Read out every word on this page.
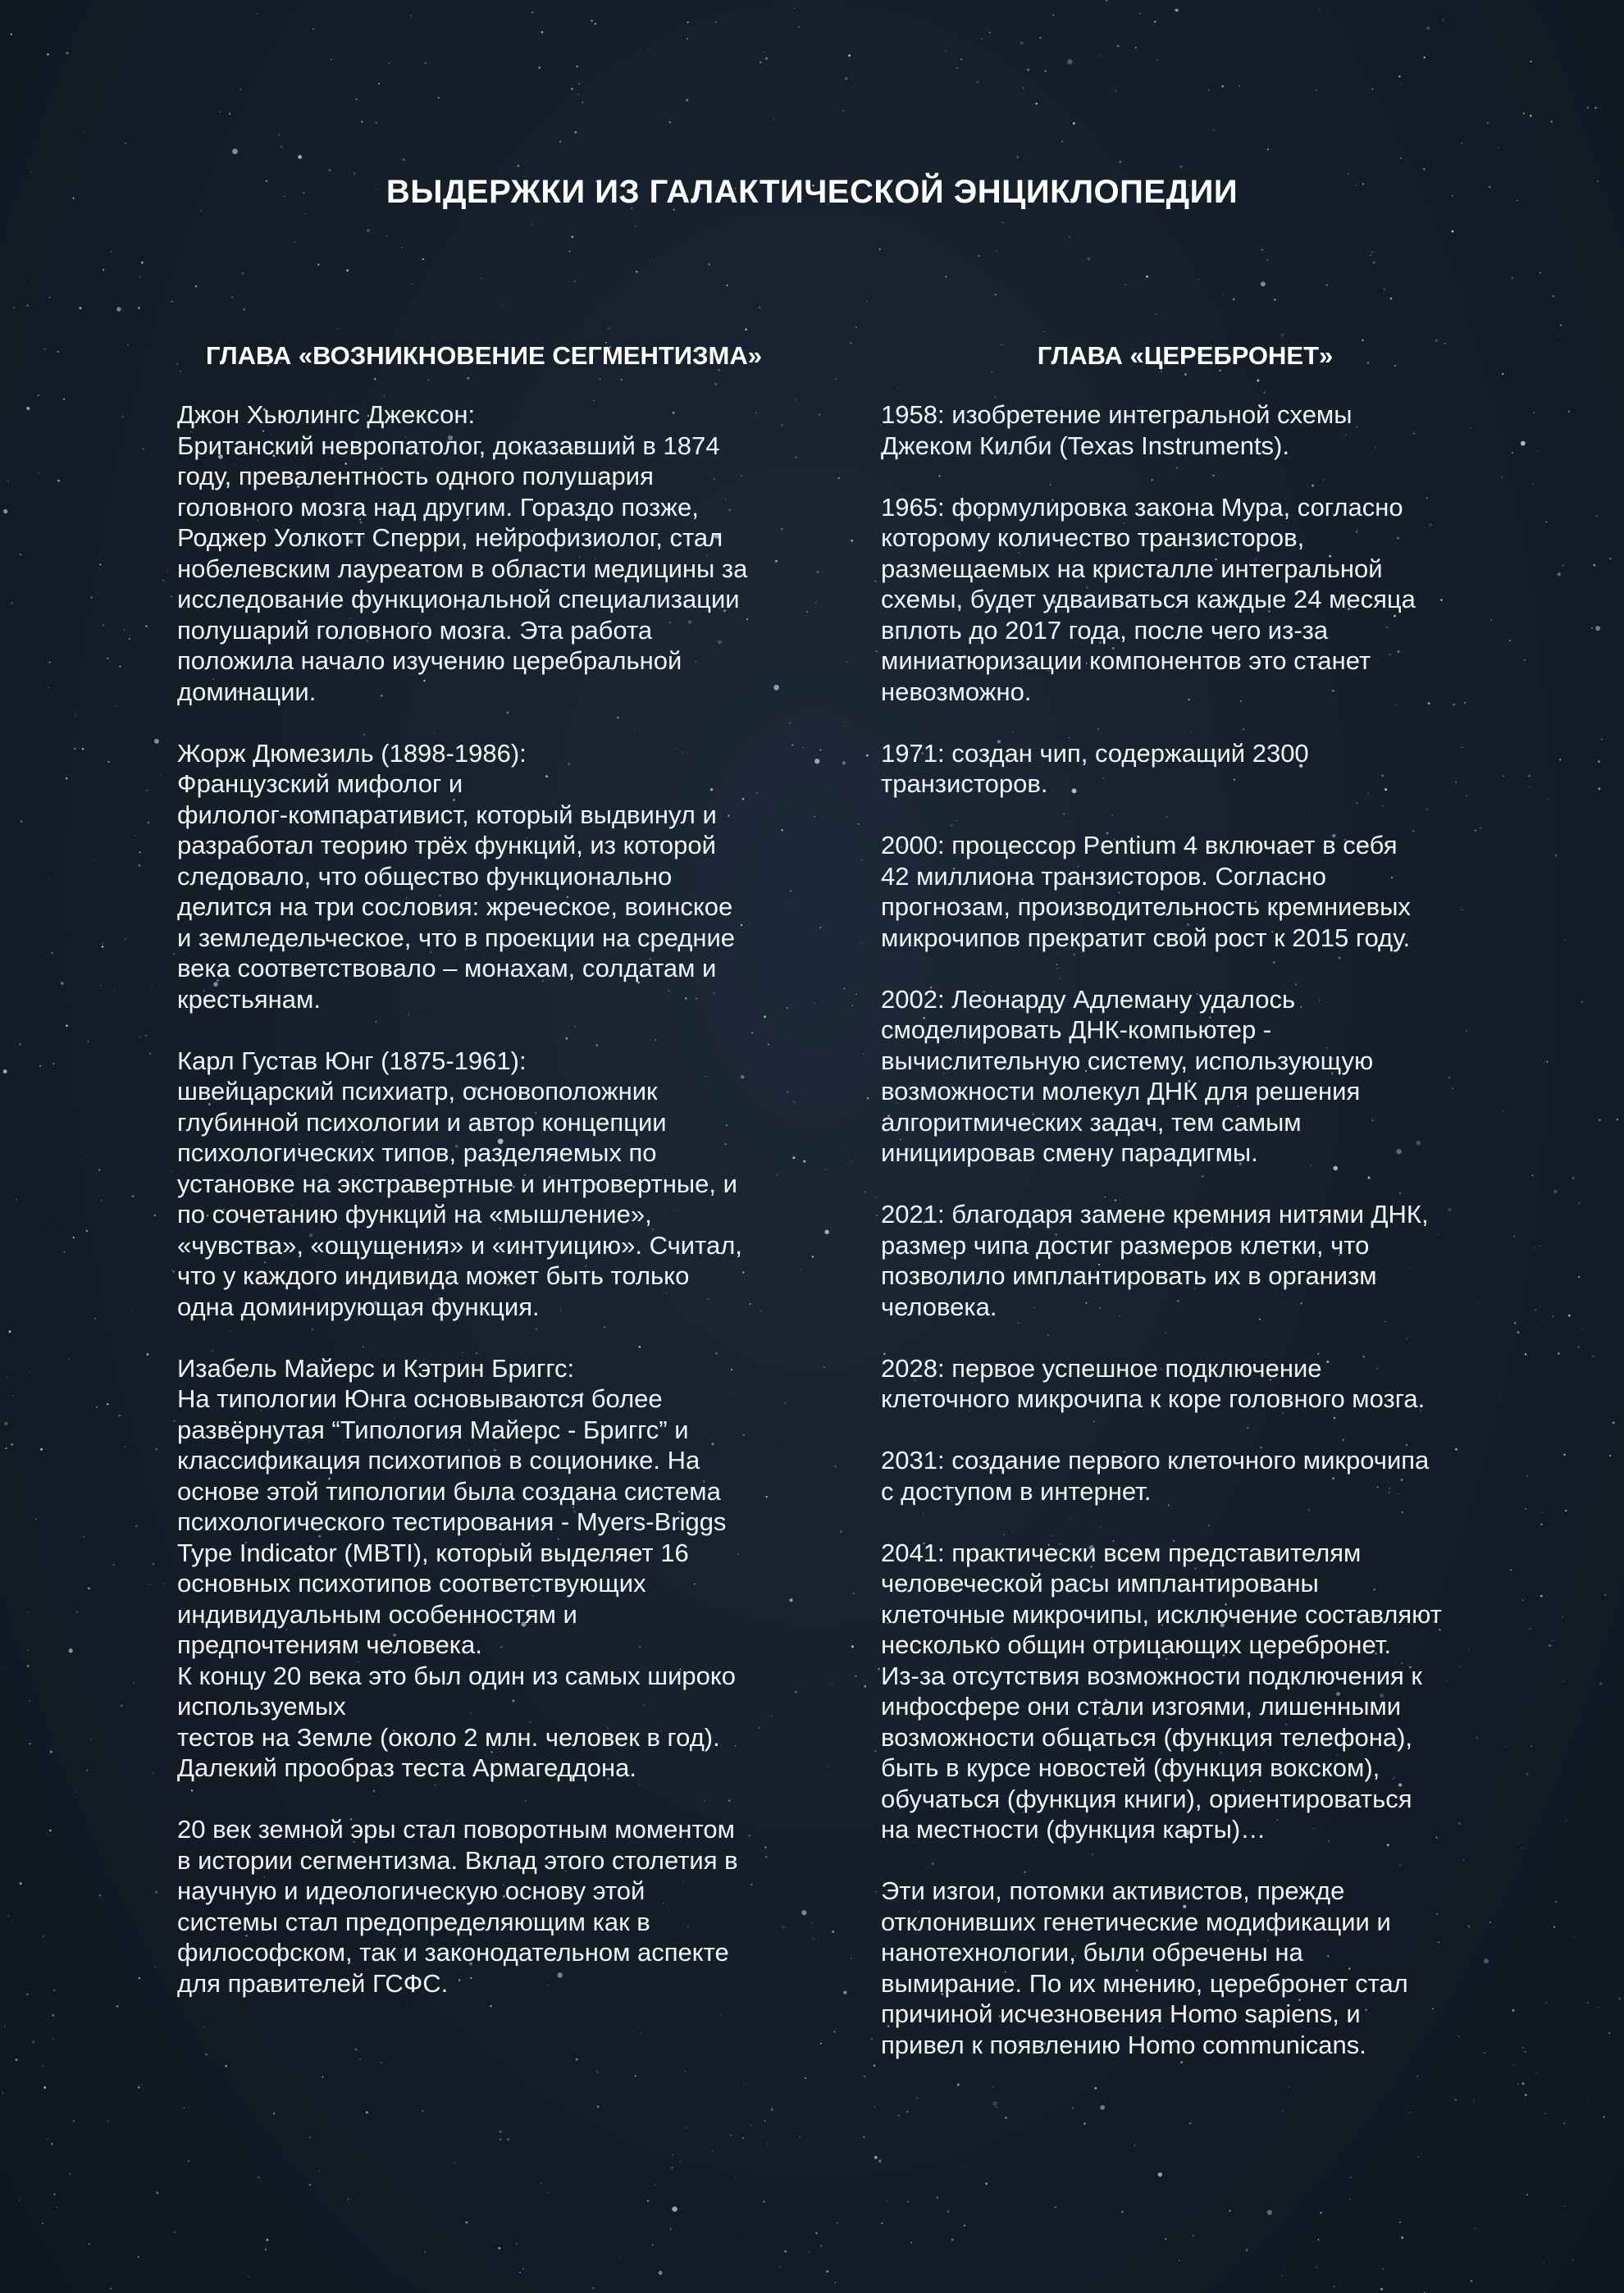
ВЫДЕРЖКИ ИЗ ГАЛАКТИЧЕСКОЙ ЭНЦИКЛОПЕДИИ
ГЛАВА «ВОЗНИКНОВЕНИЕ СЕГМЕНТИЗМА»	ГЛАВА «ЦЕРЕБРОНЕТ»
Джон Хьюлингс Джексон:
Британский невропатолог, доказавший в 1874
году, превалентность одного полушария
головного мозга над другим. Гораздо позже,
Роджер Уолкотт Сперри, нейрофизиолог, стал
нобелевским лауреатом в области медицины за
исследование функциональной специализации
полушарий головного мозга. Эта работа
положила начало изучению церебральной
доминации.
Жорж Дюмезиль (1898-1986):
Французский мифолог и
филолог-компаративист, который выдвинул и
разработал теорию трёх функций, из которой
следовало, что общество функционально
делится на три сословия: жреческое, воинское
и земледельческое, что в проекции на средние
века соответствовало – монахам, солдатам и
крестьянам.
Карл Густав Юнг (1875-1961):
швейцарский психиатр, основоположник
глубинной психологии и автор концепции
психологических типов, разделяемых по
установке на экстравертные и интровертные, и
по сочетанию функций на «мышление»,
«чувства», «ощущения» и «интуицию». Считал,
что у каждого индивида может быть только
одна доминирующая функция.
Изабель Майерс и Кэтрин Бриггс:
На типологии Юнга основываются более
развёрнутая “Типология Майерс - Бриггс” и
классификация психотипов в соционике. На
основе этой типологии была создана система
психологического тестирования - Myers-Briggs
Type Indicator (MBTI), который выделяет 16
основных психотипов соответствующих
индивидуальным особенностям и
предпочтениям человека.
К концу 20 века это был один из самых широко
используемых
тестов на Земле (около 2 млн. человек в год).
Далекий прообраз теста Армагеддона.
20 век земной эры стал поворотным моментом
в истории сегментизма. Вклад этого столетия в
научную и идеологическую основу этой
системы стал предопределяющим как в
философском, так и законодательном аспекте
для правителей ГСФС.
1958: изобретение интегральной схемы
Джеком Килби (Texas Instruments).
1965: формулировка закона Мура, согласно
которому количество транзисторов,
размещаемых на кристалле интегральной
схемы, будет удваиваться каждые 24 месяца
вплоть до 2017 года, после чего из-за
миниатюризации компонентов это станет
невозможно.
1971: создан чип, содержащий 2300
транзисторов.
2000: процессор Pentium 4 включает в себя
42 миллиона транзисторов. Согласно
прогнозам, производительность кремниевых
микрочипов прекратит свой рост к 2015 году.
2002: Леонарду Адлеману удалось
смоделировать ДНК-компьютер -
вычислительную систему, использующую
возможности молекул ДНК для решения
алгоритмических задач, тем самым
инициировав смену парадигмы.
2021: благодаря замене кремния нитями ДНК,
размер чипа достиг размеров клетки, что
позволило имплантировать их в организм
человека.
2028: первое успешное подключение
клеточного микрочипа к коре головного мозга.
2031: создание первого клеточного микрочипа
с доступом в интернет.
2041: практически всем представителям
человеческой расы имплантированы
клеточные микрочипы, исключение составляют
несколько общин отрицающих церебронет.
Из-за отсутствия возможности подключения к
инфосфере они стали изгоями, лишенными
возможности общаться (функция телефона),
быть в курсе новостей (функция вокском),
обучаться (функция книги), ориентироваться
на местности (функция карты)…
Эти изгои, потомки активистов, прежде
отклонивших генетические модификации и
нанотехнологии, были обречены на
вымирание. По их мнению, церебронет стал
причиной исчезновения Homo sapiens, и
привел к появлению Homo communicans.
